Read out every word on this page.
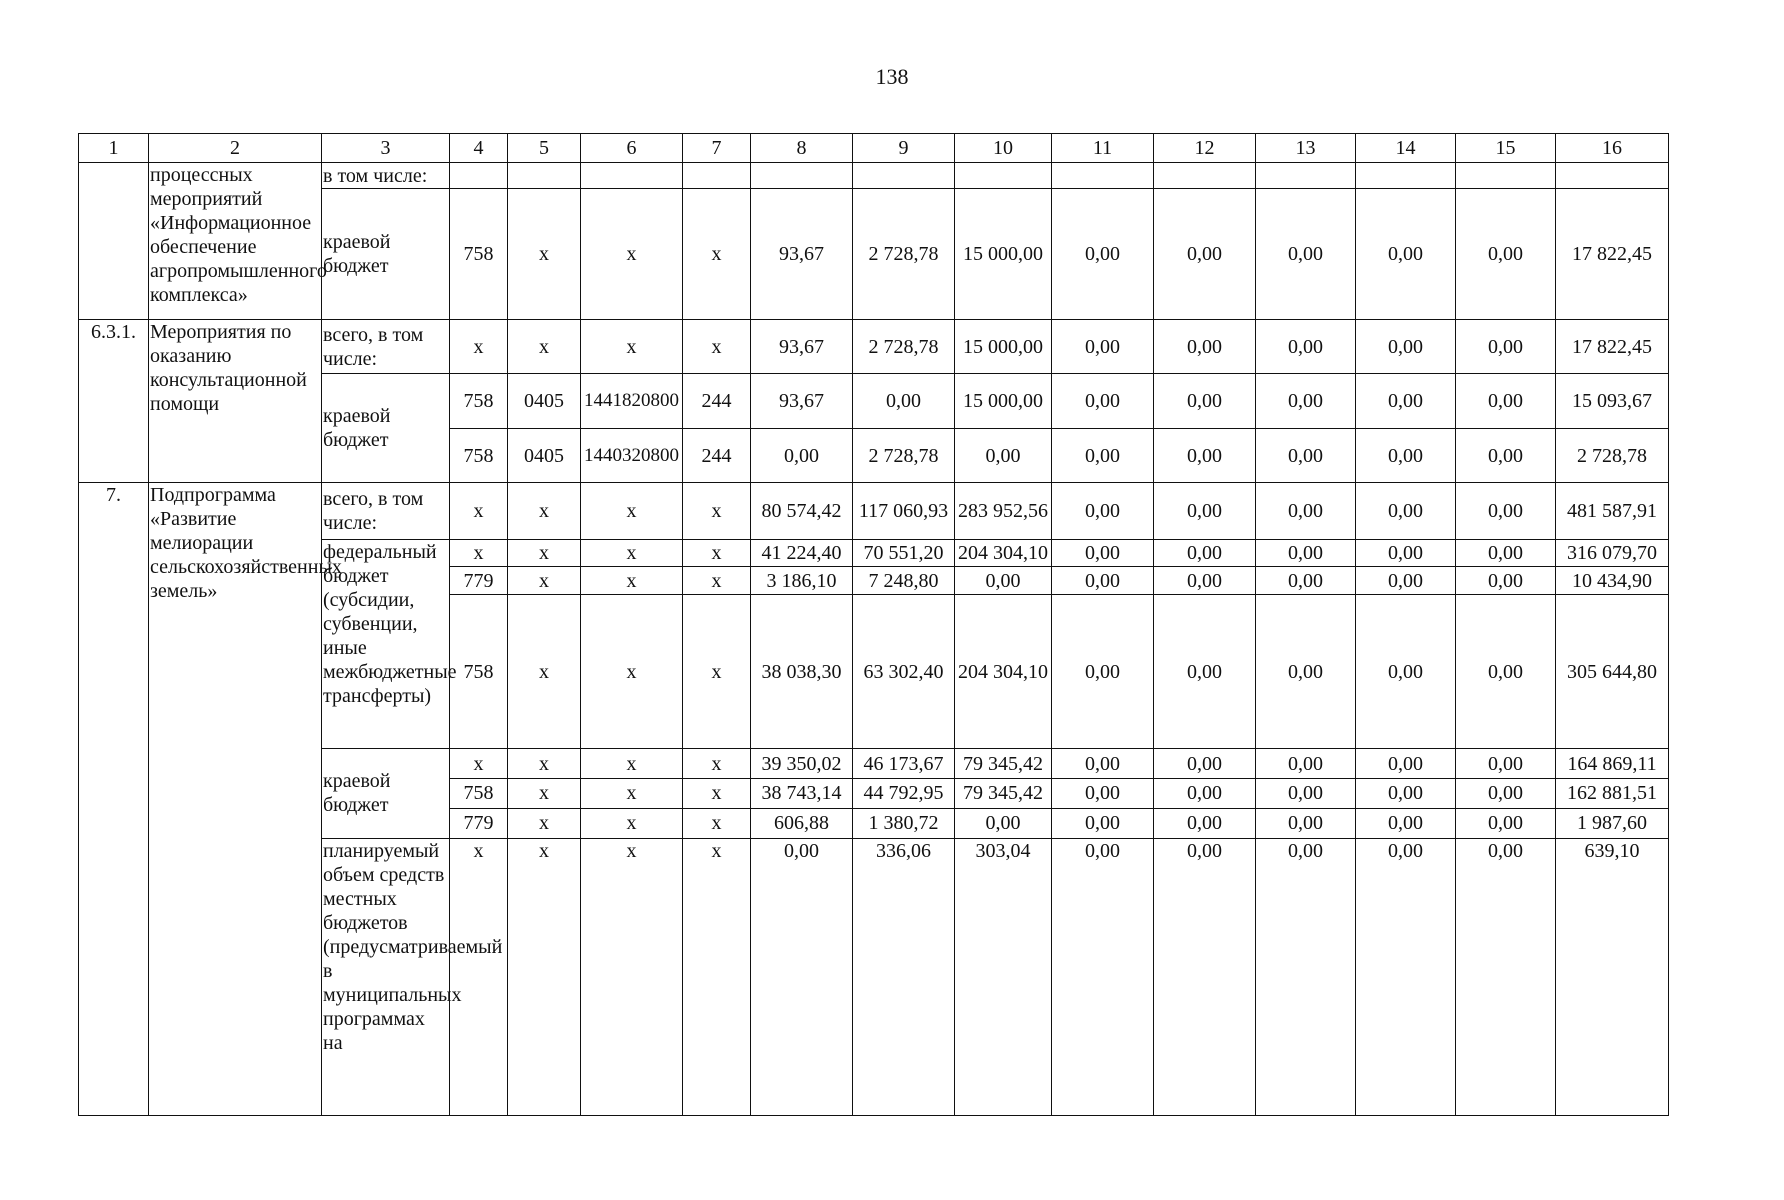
138
1	2	3	4	5	6	7	8	9	10	11	12	13	14	15	16
	процессных мероприятий «Информационное обеспечение агропромышленного комплекса»	в том числе:													
		краевой бюджет	758	x	x	x	93,67	2 728,78	15 000,00	0,00	0,00	0,00	0,00	0,00	17 822,45
6.3.1.	Мероприятия по оказанию консультационной помощи	всего, в том числе:	x	x	x	x	93,67	2 728,78	15 000,00	0,00	0,00	0,00	0,00	0,00	17 822,45
		краевой бюджет	758	0405	1441820800	244	93,67	0,00	15 000,00	0,00	0,00	0,00	0,00	0,00	15 093,67
			758	0405	1440320800	244	0,00	2 728,78	0,00	0,00	0,00	0,00	0,00	0,00	2 728,78
7.	Подпрограмма «Развитие мелиорации сельскохозяйственных земель»	всего, в том числе:	x	x	x	x	80 574,42	117 060,93	283 952,56	0,00	0,00	0,00	0,00	0,00	481 587,91
		федеральный бюджет (субсидии, субвенции, иные межбюджетные трансферты)	x	x	x	x	41 224,40	70 551,20	204 304,10	0,00	0,00	0,00	0,00	0,00	316 079,70
			779	x	x	x	3 186,10	7 248,80	0,00	0,00	0,00	0,00	0,00	0,00	10 434,90
			758	x	x	x	38 038,30	63 302,40	204 304,10	0,00	0,00	0,00	0,00	0,00	305 644,80
		краевой бюджет	x	x	x	x	39 350,02	46 173,67	79 345,42	0,00	0,00	0,00	0,00	0,00	164 869,11
			758	x	x	x	38 743,14	44 792,95	79 345,42	0,00	0,00	0,00	0,00	0,00	162 881,51
			779	x	x	x	606,88	1 380,72	0,00	0,00	0,00	0,00	0,00	0,00	1 987,60
		планируемый объем средств местных бюджетов (предусматриваемый в муниципальных программах на	x	x	x	x	0,00	336,06	303,04	0,00	0,00	0,00	0,00	0,00	639,10
